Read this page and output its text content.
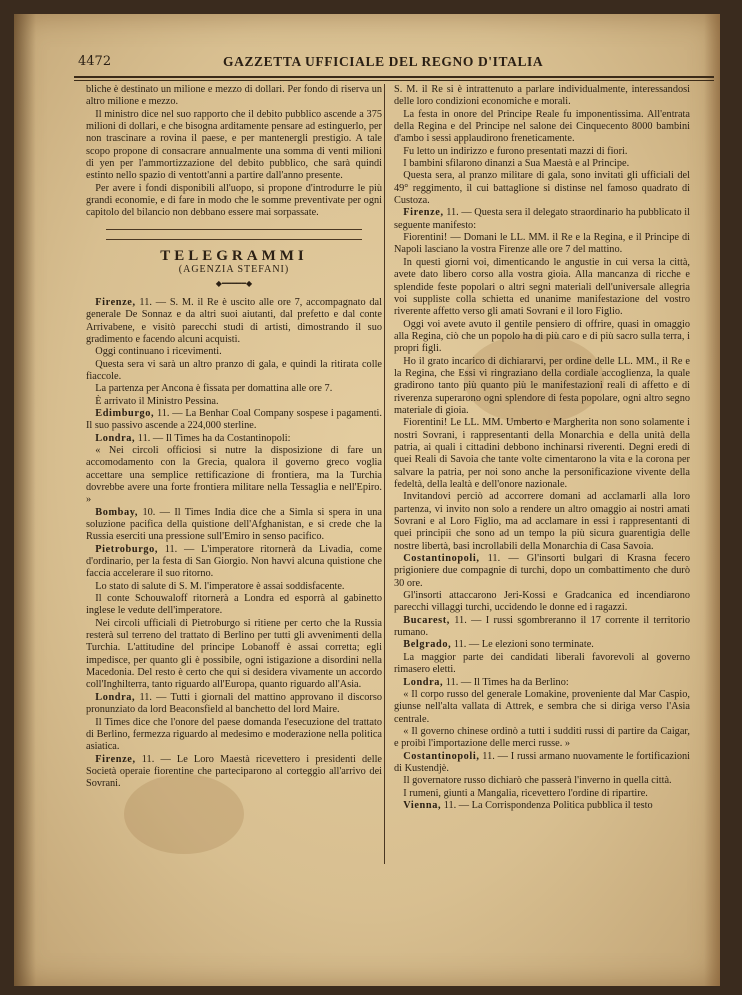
4472	GAZZETTA UFFICIALE DEL REGNO D'ITALIA

bliche è destinato un milione e mezzo di dollari. Per fondo di riserva un altro milione e mezzo.

Il ministro dice nel suo rapporto che il debito pubblico ascende a 375 milioni di dollari, e che bisogna arditamente pensare ad estinguerlo, per non trascinare a rovina il paese, e per mantenergli prestigio. A tale scopo propone di consacrare annualmente una somma di venti milioni di yen per l'ammortizzazione del debito pubblico, che sarà quindi estinto nello spazio di ventott'anni a partire dall'anno presente.

Per avere i fondi disponibili all'uopo, si propone d'introdurre le più grandi economie, e di fare in modo che le somme preventivate per ogni capitolo del bilancio non debbano essere mai sorpassate.

TELEGRAMMI
(AGENZIA STEFANI)
◆━━━━━◆

Firenze, 11. — S. M. il Re è uscito alle ore 7, accompagnato dal generale De Sonnaz e da altri suoi aiutanti, dal prefetto e dal conte Arrivabene, e visitò parecchi studi di artisti, dimostrando il suo gradimento e facendo alcuni acquisti.

Oggi continuano i ricevimenti.

Questa sera vi sarà un altro pranzo di gala, e quindi la ritirata colle fiaccole.

La partenza per Ancona è fissata per domattina alle ore 7.

È arrivato il Ministro Pessina.

Edimburgo, 11. — La Benhar Coal Company sospese i pagamenti. Il suo passivo ascende a 224,000 sterline.

Londra, 11. — Il Times ha da Costantinopoli:

« Nei circoli officiosi si nutre la disposizione di fare un accomodamento con la Grecia, qualora il governo greco voglia accettare una semplice rettificazione di frontiera, ma la Turchia dovrebbe avere una forte frontiera militare nella Tessaglia e nell'Epiro. »

Bombay, 10. — Il Times India dice che a Simla si spera in una soluzione pacifica della quistione dell'Afghanistan, e si crede che la Russia eserciti una pressione sull'Emiro in senso pacifico.

Pietroburgo, 11. — L'imperatore ritornerà da Livadia, come d'ordinario, per la festa di San Giorgio. Non havvi alcuna quistione che faccia accelerare il suo ritorno.

Lo stato di salute di S. M. l'imperatore è assai soddisfacente.

Il conte Schouwaloff ritornerà a Londra ed esporrà al gabinetto inglese le vedute dell'imperatore.

Nei circoli ufficiali di Pietroburgo si ritiene per certo che la Russia resterà sul terreno del trattato di Berlino per tutti gli avvenimenti della Turchia. L'attitudine del principe Lobanoff è assai corretta; egli impedisce, per quanto gli è possibile, ogni istigazione a disordini nella Macedonia. Del resto è certo che qui si desidera vivamente un accordo coll'Inghilterra, tanto riguardo all'Europa, quanto riguardo all'Asia.

Londra, 11. — Tutti i giornali del mattino approvano il discorso pronunziato da lord Beaconsfield al banchetto del lord Maire.

Il Times dice che l'onore del paese domanda l'esecuzione del trattato di Berlino, fermezza riguardo al medesimo e moderazione nella politica asiatica.

Firenze, 11. — Le Loro Maestà ricevettero i presidenti delle Società operaie fiorentine che parteciparono al corteggio all'arrivo dei Sovrani.

S. M. il Re si è intrattenuto a parlare individualmente, interessandosi delle loro condizioni economiche e morali.

La festa in onore del Principe Reale fu imponentissima. All'entrata della Regina e del Principe nel salone dei Cinquecento 8000 bambini d'ambo i sessi applaudirono freneticamente.

Fu letto un indirizzo e furono presentati mazzi di fiori.

I bambini sfilarono dinanzi a Sua Maestà e al Principe.

Questa sera, al pranzo militare di gala, sono invitati gli ufficiali del 49° reggimento, il cui battaglione si distinse nel famoso quadrato di Custoza.

Firenze, 11. — Questa sera il delegato straordinario ha pubblicato il seguente manifesto:

Fiorentini! — Domani le LL. MM. il Re e la Regina, e il Principe di Napoli lasciano la vostra Firenze alle ore 7 del mattino.

In questi giorni voi, dimenticando le angustie in cui versa la città, avete dato libero corso alla vostra gioia. Alla mancanza di ricche e splendide feste popolari o altri segni materiali dell'universale allegria voi suppliste colla schietta ed unanime manifestazione del vostro riverente affetto verso gli amati Sovrani e il loro Figlio.

Oggi voi avete avuto il gentile pensiero di offrire, quasi in omaggio alla Regina, ciò che un popolo ha di più caro e di più sacro sulla terra, i propri figli.

Ho il grato incarico di dichiararvi, per ordine delle LL. MM., il Re e la Regina, che Essi vi ringraziano della cordiale accoglienza, la quale gradirono tanto più quanto più le manifestazioni reali di affetto e di riverenza superarono ogni splendore di festa popolare, ogni altro segno materiale di gioia.

Fiorentini! Le LL. MM. Umberto e Margherita non sono solamente i nostri Sovrani, i rappresentanti della Monarchia e della unità della patria, ai quali i cittadini debbono inchinarsi riverenti. Degni eredi di quei Reali di Savoia che tante volte cimentarono la vita e la corona per salvare la patria, per noi sono anche la personificazione vivente della fedeltà, della lealtà e dell'onore nazionale.

Invitandovi perciò ad accorrere domani ad acclamarli alla loro partenza, vi invito non solo a rendere un altro omaggio ai nostri amati Sovrani e al Loro Figlio, ma ad acclamare in essi i rappresentanti di quei principii che sono ad un tempo la più sicura guarentigia delle nostre libertà, basi incrollabili della Monarchia di Casa Savoia.

Costantinopoli, 11. — Gl'insorti bulgari di Krasna fecero prigioniere due compagnie di turchi, dopo un combattimento che durò 30 ore.

Gl'insorti attaccarono Jeri-Kossi e Gradcanica ed incendiarono parecchi villaggi turchi, uccidendo le donne ed i ragazzi.

Bucarest, 11. — I russi sgombreranno il 17 corrente il territorio rumano.

Belgrado, 11. — Le elezioni sono terminate.

La maggior parte dei candidati liberali favorevoli al governo rimasero eletti.

Londra, 11. — Il Times ha da Berlino:

« Il corpo russo del generale Lomakine, proveniente dal Mar Caspio, giunse nell'alta vallata di Attrek, e sembra che si diriga verso l'Asia centrale.

« Il governo chinese ordinò a tutti i sudditi russi di partire da Caigar, e proibì l'importazione delle merci russe. »

Costantinopoli, 11. — I russi armano nuovamente le fortificazioni di Kustendjè.

Il governatore russo dichiarò che passerà l'inverno in quella città.

I rumeni, giunti a Mangalia, ricevettero l'ordine di ripartire.

Vienna, 11. — La Corrispondenza Politica pubblica il testo
